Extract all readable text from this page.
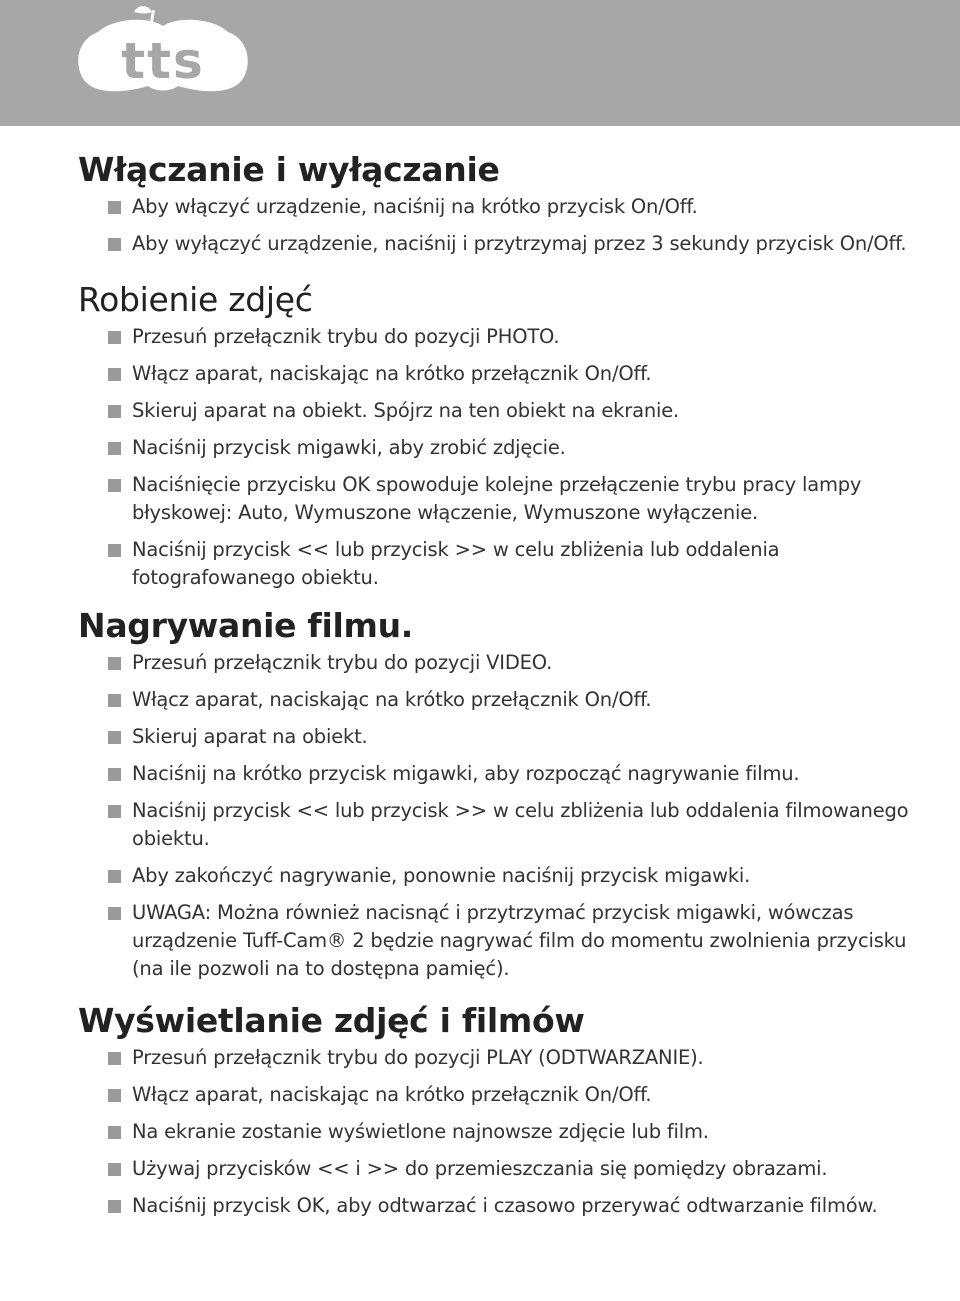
tts
Włączanie i wyłączanie
Aby włączyć urządzenie, naciśnij na krótko przycisk On/Off.
Aby wyłączyć urządzenie, naciśnij i przytrzymaj przez 3 sekundy przycisk On/Off.
Robienie zdjęć
Przesuń przełącznik trybu do pozycji PHOTO.
Włącz aparat, naciskając na krótko przełącznik On/Off.
Skieruj aparat na obiekt. Spójrz na ten obiekt na ekranie.
Naciśnij przycisk migawki, aby zrobić zdjęcie.
Naciśnięcie przycisku OK spowoduje kolejne przełączenie trybu pracy lampy błyskowej: Auto, Wymuszone włączenie, Wymuszone wyłączenie.
Naciśnij przycisk << lub przycisk >> w celu zbliżenia lub oddalenia fotografowanego obiektu.
Nagrywanie filmu.
Przesuń przełącznik trybu do pozycji VIDEO.
Włącz aparat, naciskając na krótko przełącznik On/Off.
Skieruj aparat na obiekt.
Naciśnij na krótko przycisk migawki, aby rozpocząć nagrywanie filmu.
Naciśnij przycisk << lub przycisk >> w celu zbliżenia lub oddalenia filmowanego obiektu.
Aby zakończyć nagrywanie, ponownie naciśnij przycisk migawki.
UWAGA: Można również nacisnąć i przytrzymać przycisk migawki, wówczas urządzenie Tuff-Cam® 2 będzie nagrywać film do momentu zwolnienia przycisku (na ile pozwoli na to dostępna pamięć).
Wyświetlanie zdjęć i filmów
Przesuń przełącznik trybu do pozycji PLAY (ODTWARZANIE).
Włącz aparat, naciskając na krótko przełącznik On/Off.
Na ekranie zostanie wyświetlone najnowsze zdjęcie lub film.
Używaj przycisków << i >> do przemieszczania się pomiędzy obrazami.
Naciśnij przycisk OK, aby odtwarzać i czasowo przerywać odtwarzanie filmów.
